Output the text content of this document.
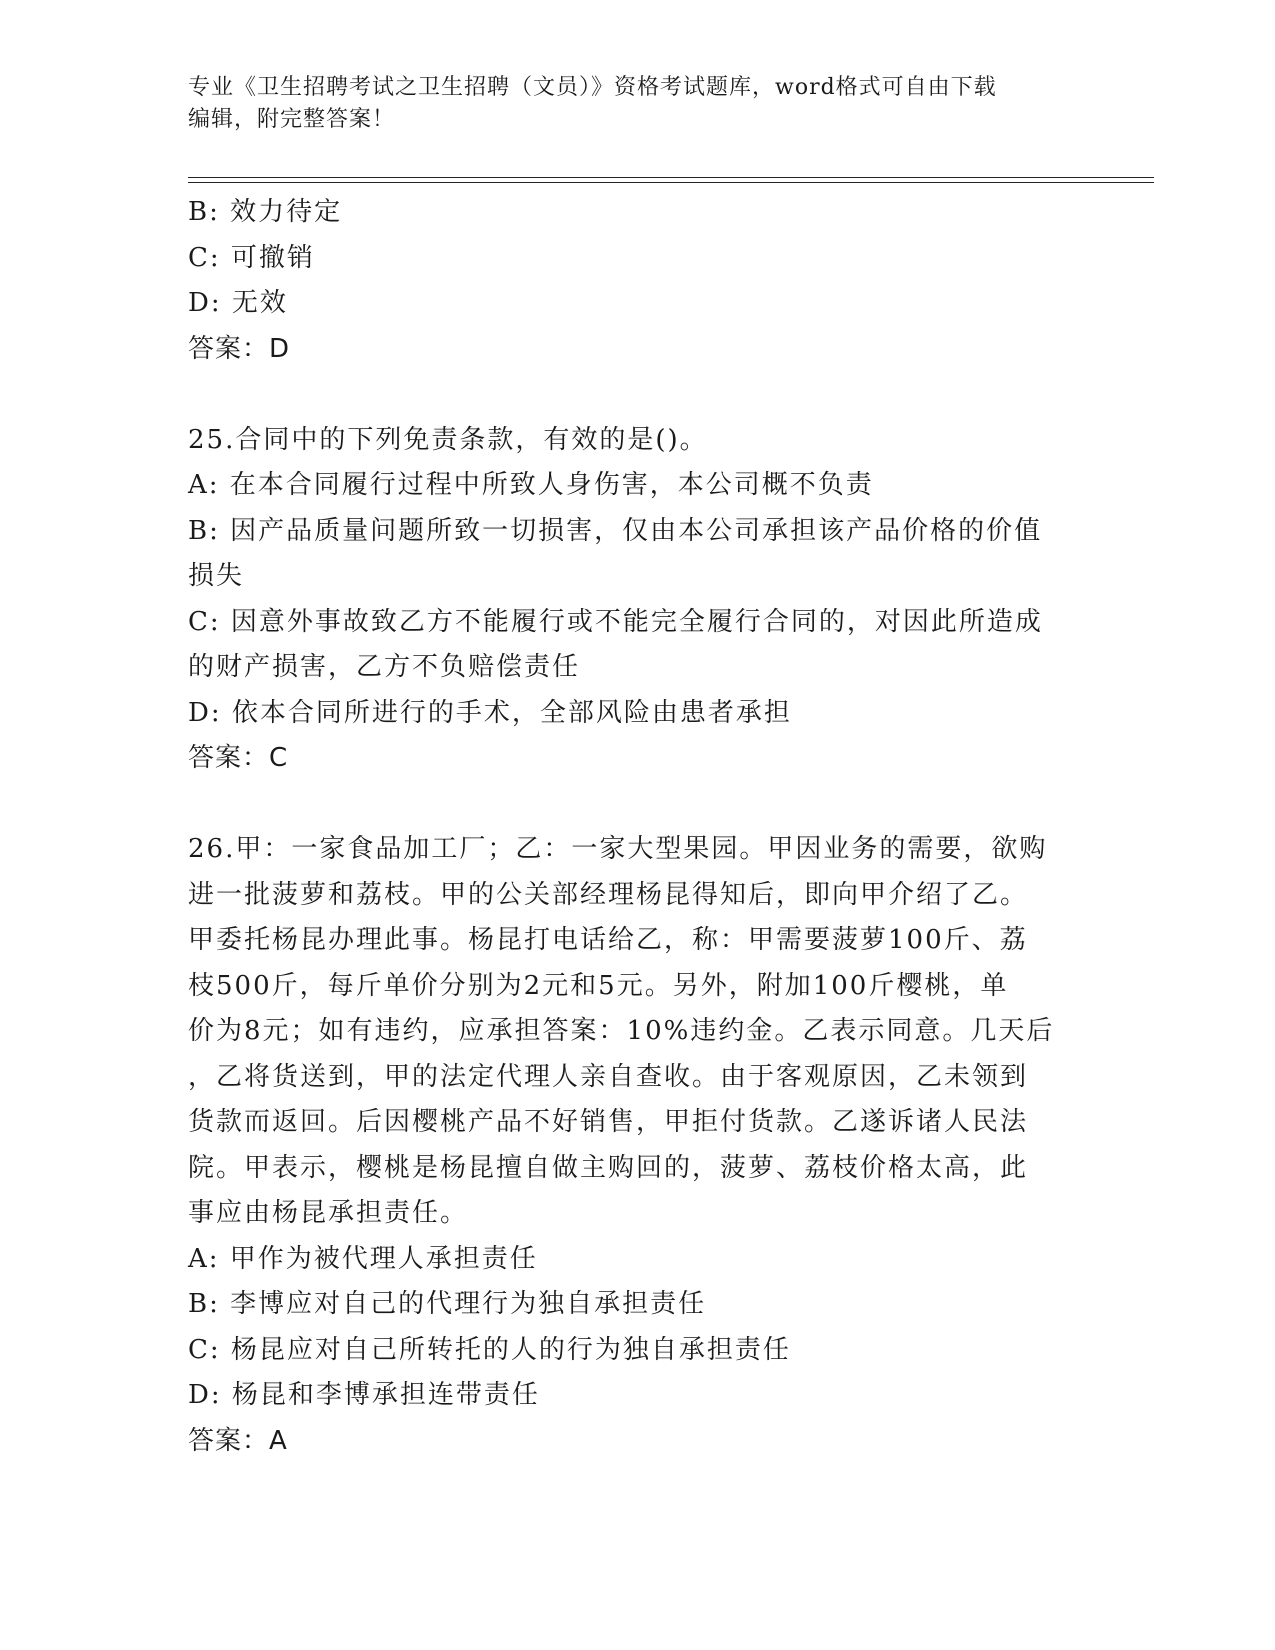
专业《卫生招聘考试之卫生招聘（文员）》资格考试题库，word格式可自由下载
编辑，附完整答案！
B: 效力待定
C: 可撤销
D: 无效
答案：D
25.合同中的下列免责条款，有效的是()。
A: 在本合同履行过程中所致人身伤害，本公司概不负责
B: 因产品质量问题所致一切损害，仅由本公司承担该产品价格的价值
损失
C: 因意外事故致乙方不能履行或不能完全履行合同的，对因此所造成
的财产损害，乙方不负赔偿责任
D: 依本合同所进行的手术，全部风险由患者承担
答案：C
26.甲：一家食品加工厂；乙：一家大型果园。甲因业务的需要，欲购
进一批菠萝和荔枝。甲的公关部经理杨昆得知后，即向甲介绍了乙。
甲委托杨昆办理此事。杨昆打电话给乙，称：甲需要菠萝100斤、荔
枝500斤，每斤单价分别为2元和5元。另外，附加100斤樱桃，单
价为8元；如有违约，应承担答案：10%违约金。乙表示同意。几天后
，乙将货送到，甲的法定代理人亲自查收。由于客观原因，乙未领到
货款而返回。后因樱桃产品不好销售，甲拒付货款。乙遂诉诸人民法
院。甲表示，樱桃是杨昆擅自做主购回的，菠萝、荔枝价格太高，此
事应由杨昆承担责任。
A: 甲作为被代理人承担责任
B: 李博应对自己的代理行为独自承担责任
C: 杨昆应对自己所转托的人的行为独自承担责任
D: 杨昆和李博承担连带责任
答案：A
